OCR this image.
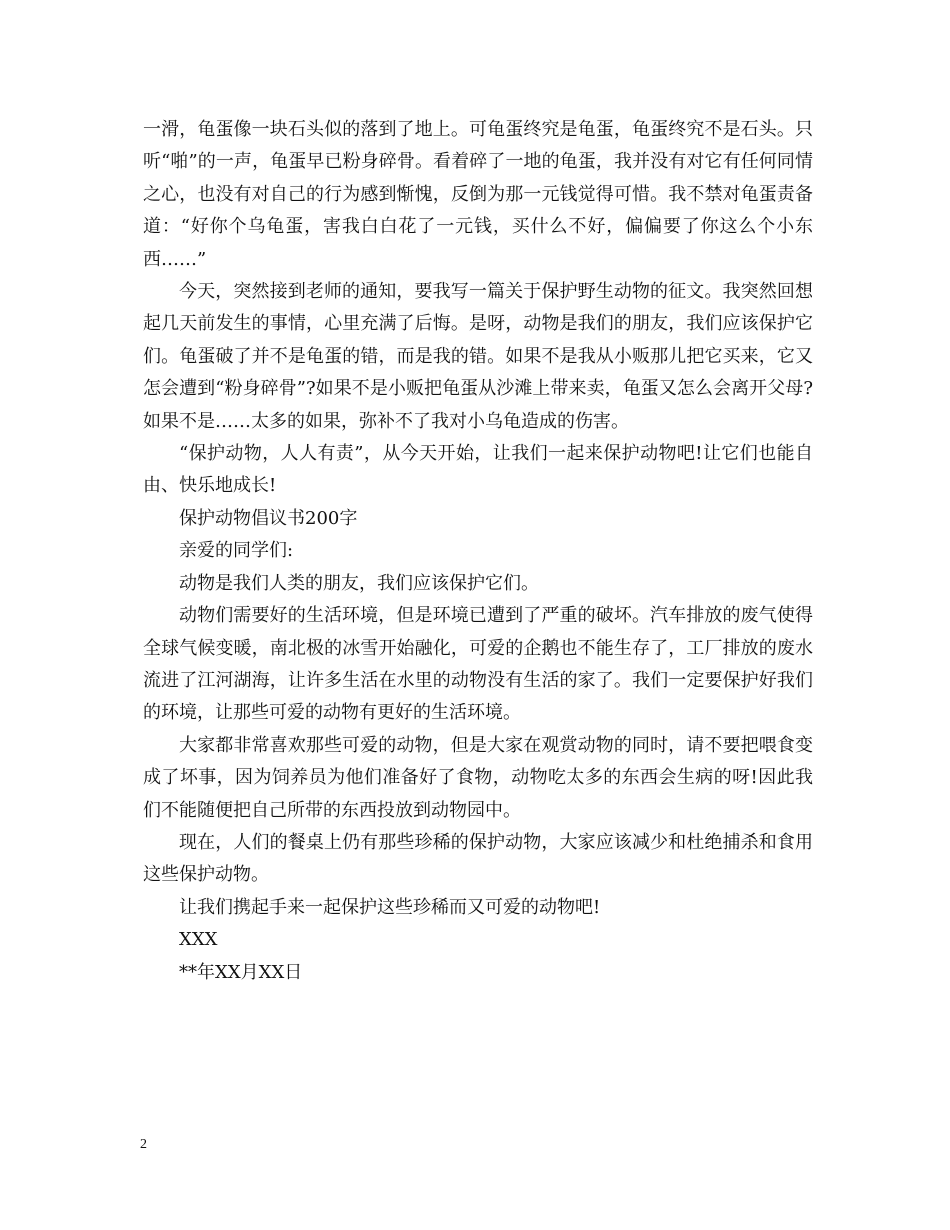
一滑，龟蛋像一块石头似的落到了地上。可龟蛋终究是龟蛋，龟蛋终究不是石头。只听“啪”的一声，龟蛋早已粉身碎骨。看着碎了一地的龟蛋，我并没有对它有任何同情之心，也没有对自己的行为感到惭愧，反倒为那一元钱觉得可惜。我不禁对龟蛋责备道：“好你个乌龟蛋，害我白白花了一元钱，买什么不好，偏偏要了你这么个小东西……”

今天，突然接到老师的通知，要我写一篇关于保护野生动物的征文。我突然回想起几天前发生的事情，心里充满了后悔。是呀，动物是我们的朋友，我们应该保护它们。龟蛋破了并不是龟蛋的错，而是我的错。如果不是我从小贩那儿把它买来，它又怎会遭到“粉身碎骨”?如果不是小贩把龟蛋从沙滩上带来卖，龟蛋又怎么会离开父母?如果不是……太多的如果，弥补不了我对小乌龟造成的伤害。

“保护动物，人人有责”，从今天开始，让我们一起来保护动物吧!让它们也能自由、快乐地成长!

保护动物倡议书200字

亲爱的同学们:

动物是我们人类的朋友，我们应该保护它们。

动物们需要好的生活环境，但是环境已遭到了严重的破坏。汽车排放的废气使得全球气候变暖，南北极的冰雪开始融化，可爱的企鹅也不能生存了，工厂排放的废水流进了江河湖海，让许多生活在水里的动物没有生活的家了。我们一定要保护好我们的环境，让那些可爱的动物有更好的生活环境。

大家都非常喜欢那些可爱的动物，但是大家在观赏动物的同时，请不要把喂食变成了坏事，因为饲养员为他们准备好了食物，动物吃太多的东西会生病的呀!因此我们不能随便把自己所带的东西投放到动物园中。

现在，人们的餐桌上仍有那些珍稀的保护动物，大家应该减少和杜绝捕杀和食用这些保护动物。

让我们携起手来一起保护这些珍稀而又可爱的动物吧!

XXX

**年XX月XX日

2
